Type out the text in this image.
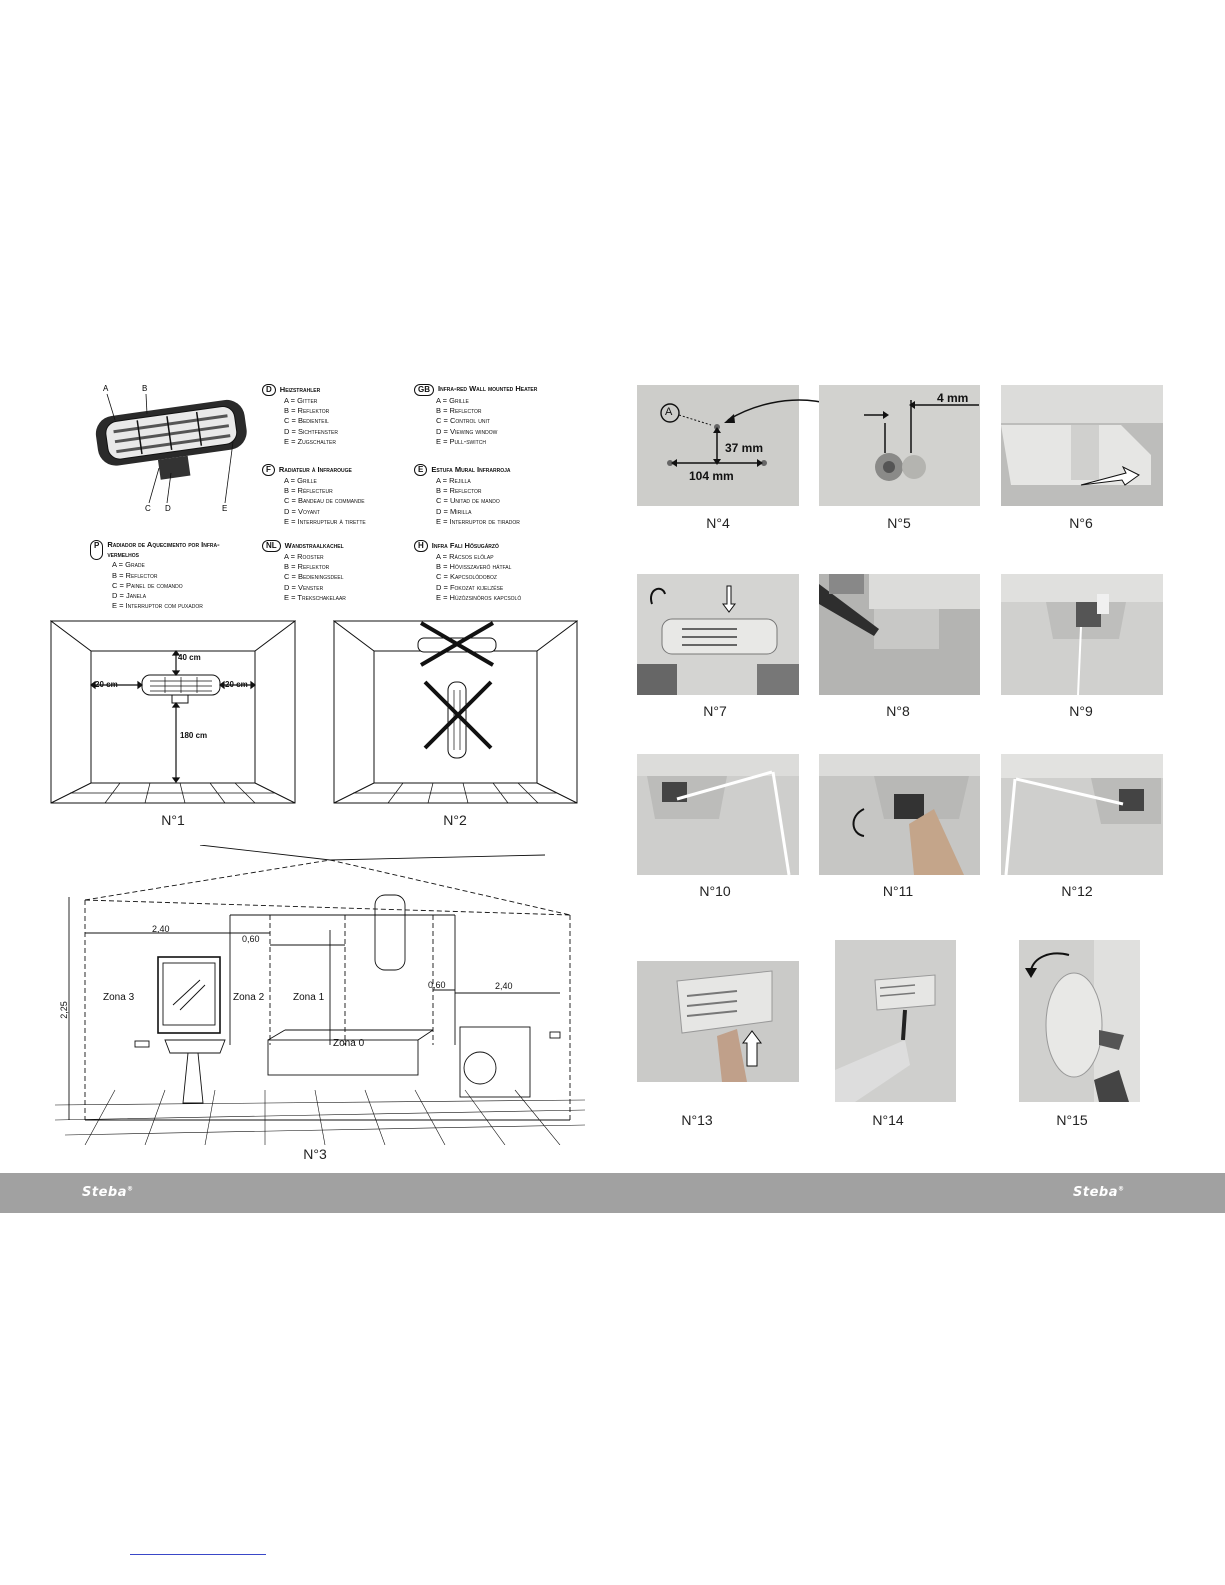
A	B
C D	E
D Heizstrahler
A = Gitter
B = Reflektor
C = Bedienteil
D = Sichtfenster
E = Zugschalter
GB	Infra-red Wall mounted Heater
A = Grille
B = Reflector
C = Control unit
D = Viewing window
E = Pull-switch
F Radiateur à Infrarouge
A = Grille
B = Réflecteur
C = Bandeau de commande
D = Voyant
E = Interrupteur à tirette
E Estufa Mural Infrarroja
A = Rejilla
B = Reflector
C = Unitad de mando
D = Mirilla
E = Interruptor de tirador
P	Radiador de Aquecimento por Infra-vermelhos
A = Grade
B = Reflector
C = Painel de comando
D = Janela
E = Interruptor com puxador
NL Wandstraalkachel
A = Rooster
B = Reflektor
C = Bedieningsdeel
D = Venster
E = Trekschakelaar
H Infra Fali Hősugárzó
A = Rácsos előlap
B = Hővisszaverő hátfal
C = Kapcsolódoboz
D = Fokozat kijelzése
E = Húzózsinóros kapcsoló
40 cm
20 cm	20 cm
180 cm
N°1	N°2
2,25
2,40
0,60
0,60	2,40
Zona 3	Zona 2	Zona 1
Zona 0
N°3
A
37 mm
104 mm
N°4
4 mm
N°5	N°6
N°7	N°8	N°9
N°10	N°11	N°12
N°13	N°14	N°15
Steba®	Steba®
